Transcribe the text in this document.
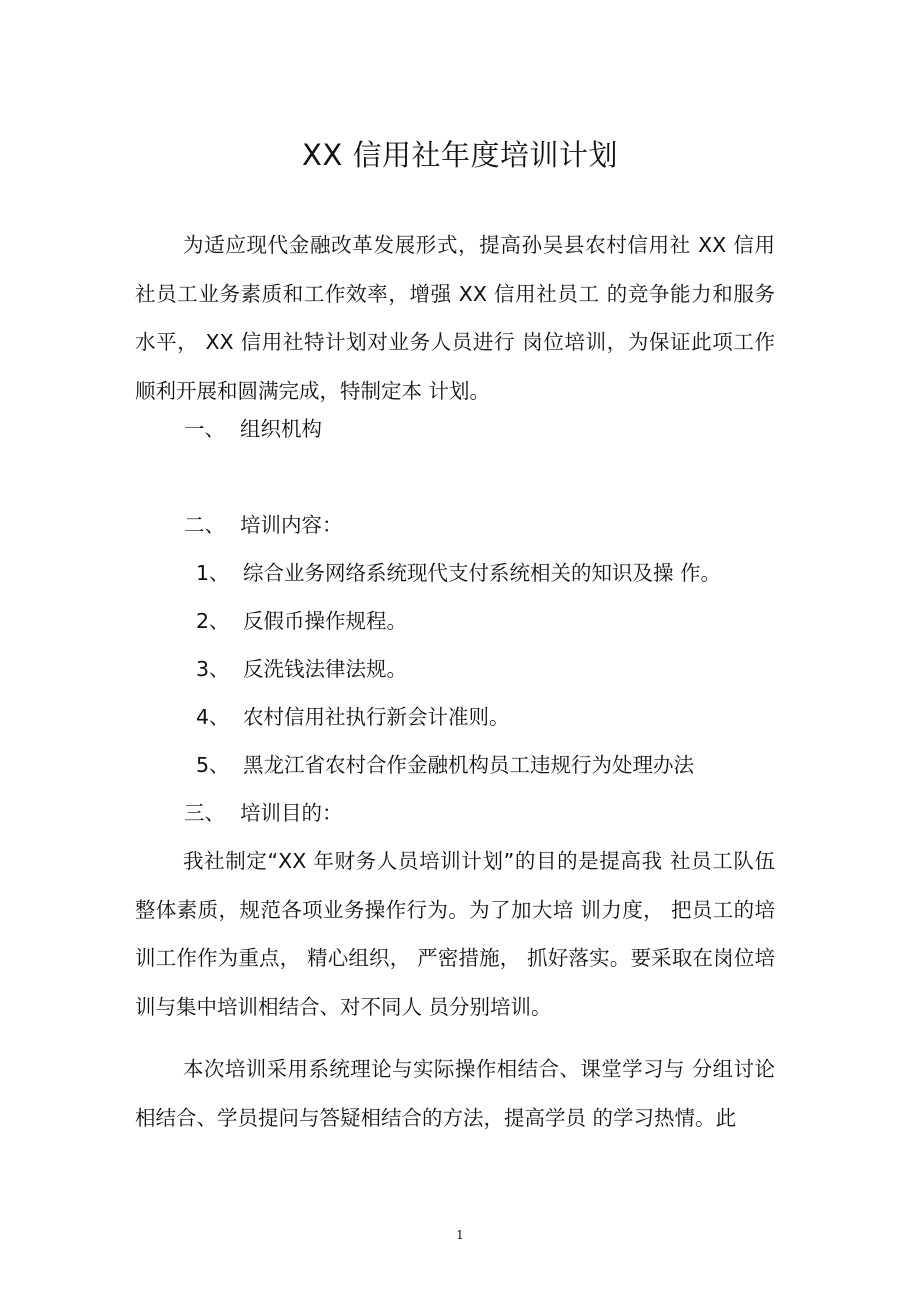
XX 信用社年度培训计划
为适应现代金融改革发展形式，提高孙吴县农村信用社 XX 信用社员工业务素质和工作效率，增强 XX 信用社员工 的竞争能力和服务水平， XX 信用社特计划对业务人员进行 岗位培训，为保证此项工作顺利开展和圆满完成，特制定本 计划。
一、 组织机构
二、 培训内容：
1、 综合业务网络系统现代支付系统相关的知识及操 作。
2、 反假币操作规程。
3、 反洗钱法律法规。
4、 农村信用社执行新会计准则。
5、 黑龙江省农村合作金融机构员工违规行为处理办法
三、 培训目的：
我社制定“XX 年财务人员培训计划”的目的是提高我 社员工队伍整体素质，规范各项业务操作行为。为了加大培 训力度， 把员工的培训工作作为重点， 精心组织， 严密措施， 抓好落实。要采取在岗位培训与集中培训相结合、对不同人 员分别培训。
本次培训采用系统理论与实际操作相结合、课堂学习与 分组讨论相结合、学员提问与答疑相结合的方法，提高学员 的学习热情。此
1
